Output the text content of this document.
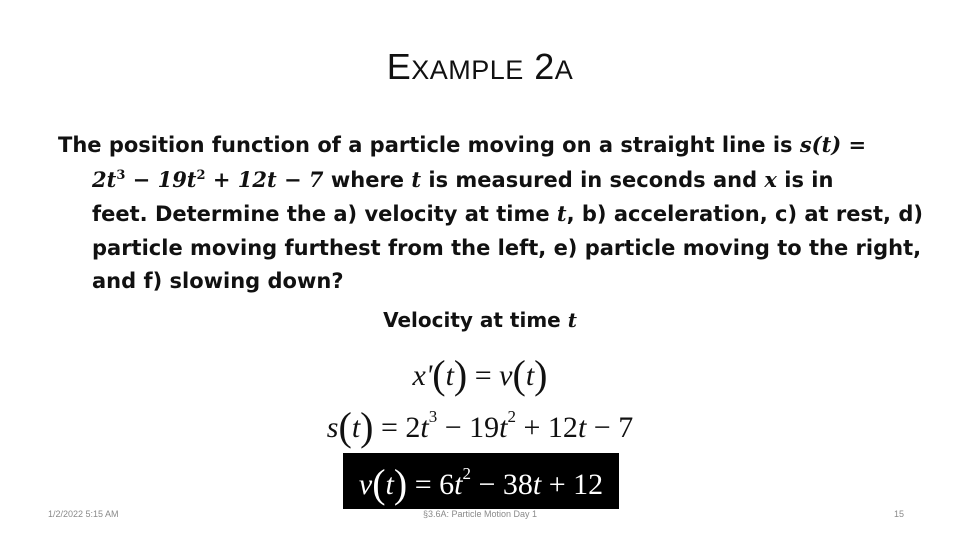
EXAMPLE 2A
The position function of a particle moving on a straight line is s(t) =
$2t^3 - 19t^2 + 12t - 7$ where t is measured in seconds and x is in
feet. Determine the a) velocity at time t, b) acceleration, c) at rest, d)
particle moving furthest from the left, e) particle moving to the right,
and f) slowing down?
Velocity at time t
x'(t) = v(t)
$s(t) = 2t^3 - 19t^2 + 12t - 7$
$v(t) = 6t^2 - 38t + 12$
1/2/2022 5:15 AM	§3.6A: Particle Motion Day 1	15
